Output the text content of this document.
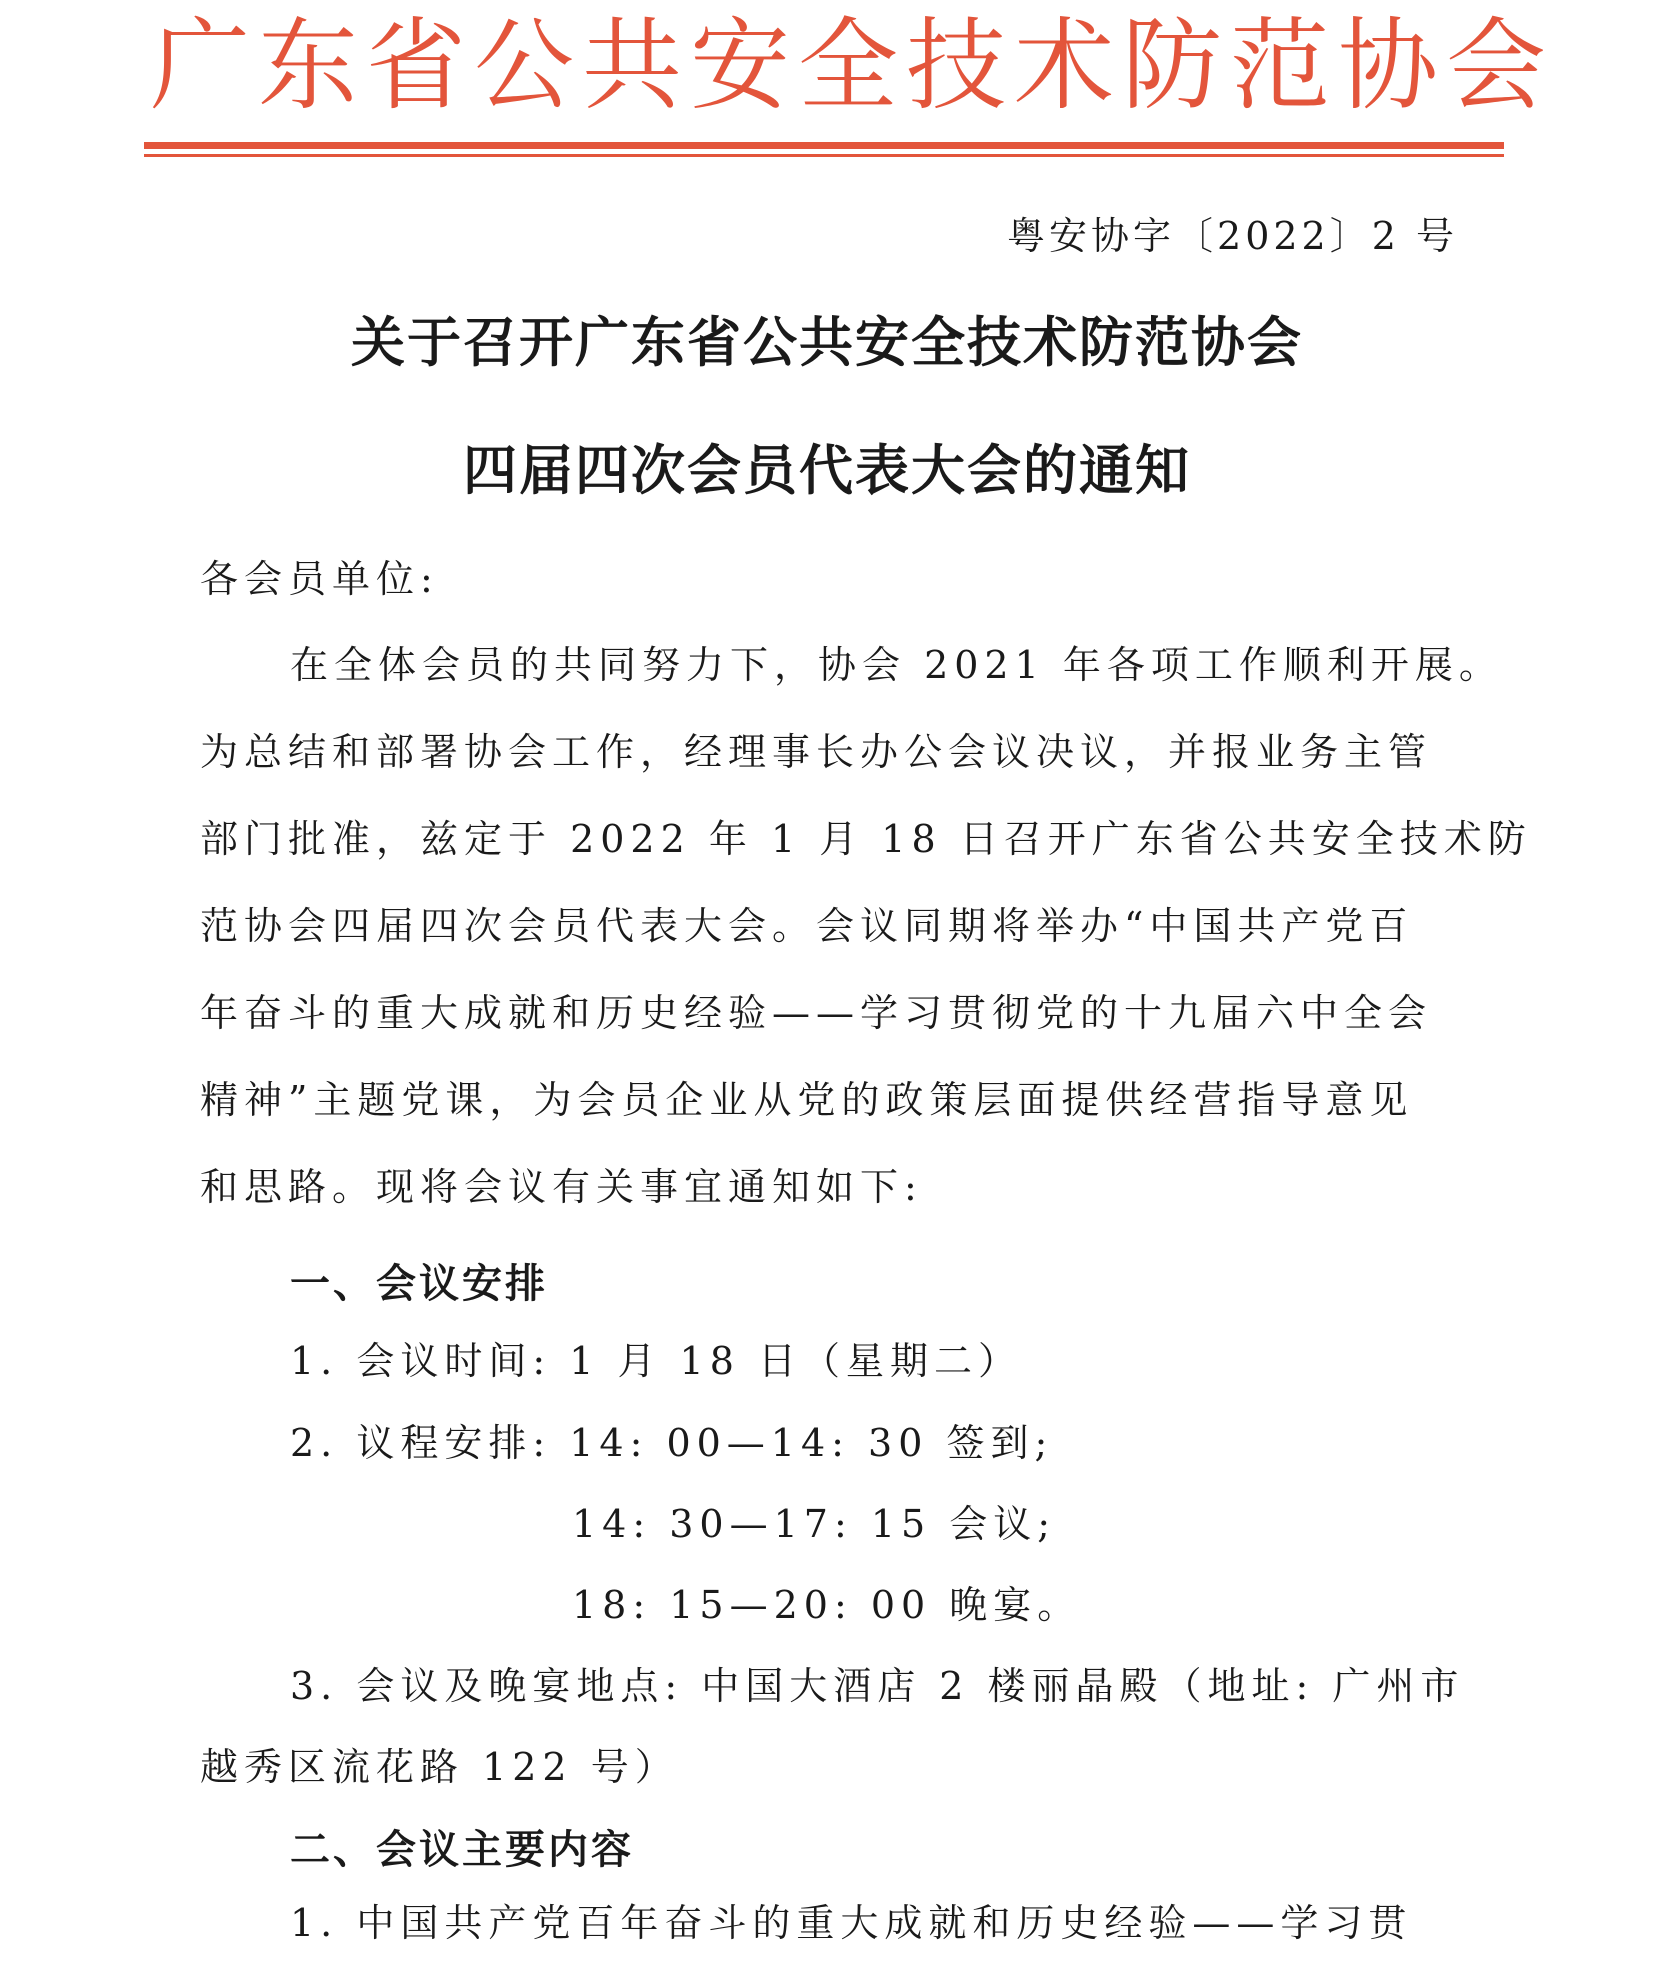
广东省公共安全技术防范协会
粤安协字〔2022〕2 号
关于召开广东省公共安全技术防范协会
四届四次会员代表大会的通知
各会员单位:
在全体会员的共同努力下，协会 2021 年各项工作顺利开展。
为总结和部署协会工作，经理事长办公会议决议，并报业务主管
部门批准，兹定于 2022 年 1 月 18 日召开广东省公共安全技术防
范协会四届四次会员代表大会。会议同期将举办“中国共产党百
年奋斗的重大成就和历史经验——学习贯彻党的十九届六中全会
精神”主题党课，为会员企业从党的政策层面提供经营指导意见
和思路。现将会议有关事宜通知如下:
一、会议安排
1. 会议时间: 1 月 18 日（星期二）
2. 议程安排: 14: 00—14: 30 签到;
14: 30—17: 15 会议;
18: 15—20: 00 晚宴。
3. 会议及晚宴地点: 中国大酒店 2 楼丽晶殿（地址: 广州市
越秀区流花路 122 号）
二、会议主要内容
1. 中国共产党百年奋斗的重大成就和历史经验——学习贯
